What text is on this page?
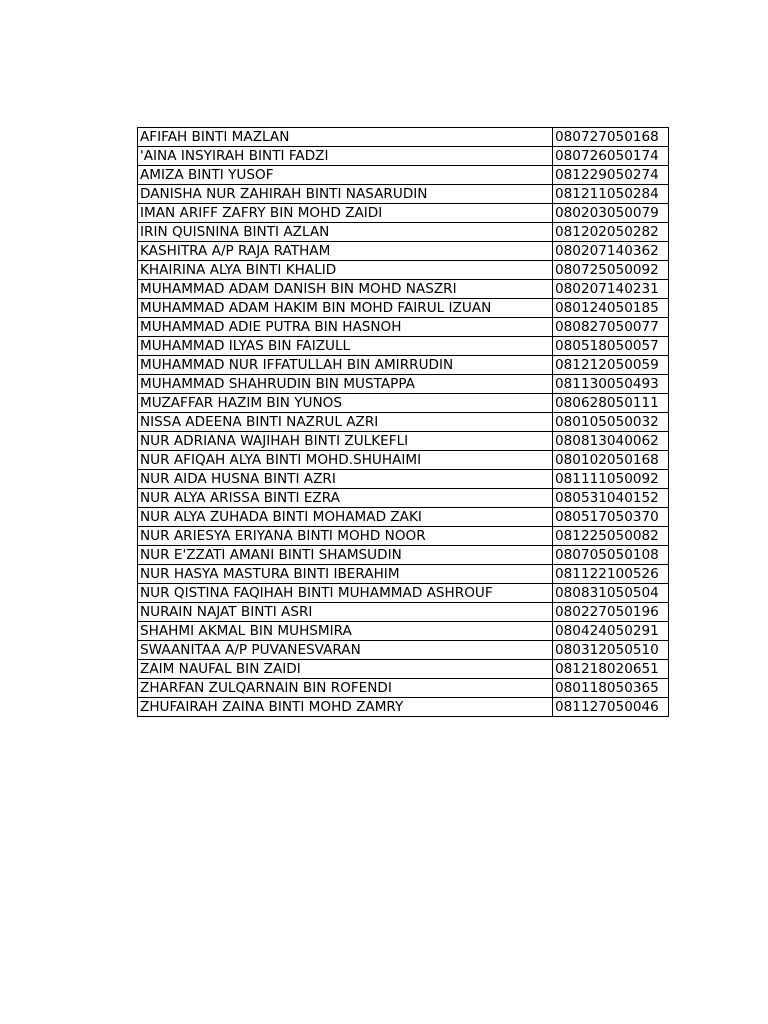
AFIFAH BINTI MAZLAN	080727050168
'AINA INSYIRAH BINTI FADZI	080726050174
AMIZA BINTI YUSOF	081229050274
DANISHA NUR ZAHIRAH BINTI NASARUDIN	081211050284
IMAN ARIFF ZAFRY BIN MOHD ZAIDI	080203050079
IRIN QUISNINA BINTI AZLAN	081202050282
KASHITRA A/P RAJA RATHAM	080207140362
KHAIRINA ALYA BINTI KHALID	080725050092
MUHAMMAD ADAM DANISH BIN MOHD NASZRI	080207140231
MUHAMMAD ADAM HAKIM BIN MOHD FAIRUL IZUAN	080124050185
MUHAMMAD ADIE PUTRA BIN HASNOH	080827050077
MUHAMMAD ILYAS BIN FAIZULL	080518050057
MUHAMMAD NUR IFFATULLAH BIN AMIRRUDIN	081212050059
MUHAMMAD SHAHRUDIN BIN MUSTAPPA	081130050493
MUZAFFAR HAZIM BIN YUNOS	080628050111
NISSA ADEENA BINTI NAZRUL AZRI	080105050032
NUR ADRIANA WAJIHAH BINTI ZULKEFLI	080813040062
NUR AFIQAH ALYA BINTI MOHD.SHUHAIMI	080102050168
NUR AIDA HUSNA BINTI AZRI	081111050092
NUR ALYA ARISSA BINTI EZRA	080531040152
NUR ALYA ZUHADA BINTI MOHAMAD ZAKI	080517050370
NUR ARIESYA ERIYANA BINTI MOHD NOOR	081225050082
NUR E'ZZATI AMANI BINTI SHAMSUDIN	080705050108
NUR HASYA MASTURA BINTI IBERAHIM	081122100526
NUR QISTINA FAQIHAH BINTI MUHAMMAD ASHROUF	080831050504
NURAIN NAJAT BINTI ASRI	080227050196
SHAHMI AKMAL BIN MUHSMIRA	080424050291
SWAANITAA A/P PUVANESVARAN	080312050510
ZAIM NAUFAL BIN ZAIDI	081218020651
ZHARFAN ZULQARNAIN BIN ROFENDI	080118050365
ZHUFAIRAH ZAINA BINTI MOHD ZAMRY	081127050046
